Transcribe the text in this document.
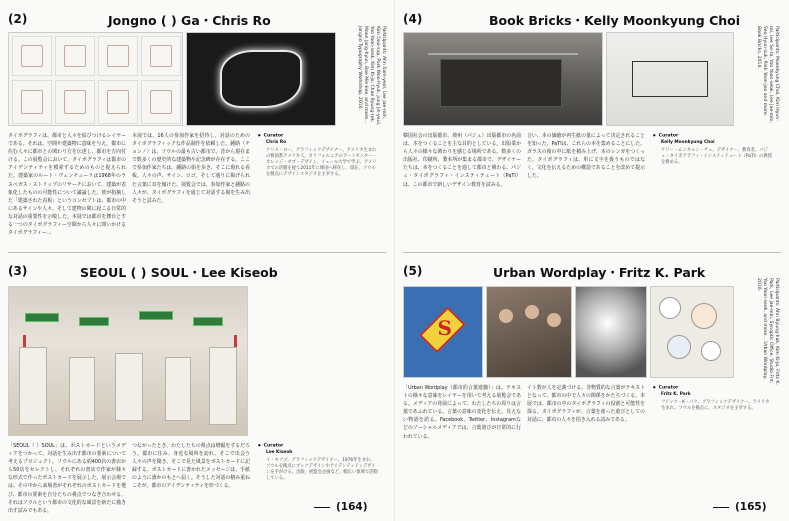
(2)	Jongno ( ) Ga・Chris Ro
Participants: Ahn Sam-yeol, Lee Jae-min, Kim Doo-sup, Park Woo-hyuk, Jung Jin-youl, Yoo Yoon-seok, Kim Ki-jo, Chae Byung-rok, Moon Jang-hyun, Bae Min-kee, and more… Jongno Typography Workshop, 2016.
タイポグラフィは、都市と人々を結びつけるレイヤーである。それは、空間や建築物に意味を与え、都市に住む人々に都市との関わり方を伝達し、都市を方向付ける。この展覧会において、タイポグラフィは都市のアイデンティティを模索するためのものと捉えられた。建築家のルート・ヴェンチューリは1968年のラスベガス・ストリップのリサーチにおいて、建築が表象化したものの可能性について議論した。彼が指摘した「建築された看板」というコンセプトは、都市の中にあるサインや人々、そして建物の間に起こる日常的な対話の重要性を示唆した。本展では都市を舞台とする一つのタイポグラフィー空間から人々に問いかけるタイポグラフィー…
本展では、16人の参加作家を招待し、対話のためのタイポグラフィックな作品制作を依頼した。鍾路（チョンノ）は、ソウルの最も古い都市で、昔から現在まで数多くの歴史的な建築物や記念碑が存在する。ここで参加作家たちは、鍾路の街を歩き、そこに現れる看板、人々の声、サイン、ロゴ、そして通りに掲げられた言葉に耳を傾けた。展覧会では、参加作家と鍾路の人々が、タイポグラフィを通じて対話する場を生み出そうと試みた。
● Curator
Chris Ro
クリス・ロー。グラフィックデザイナー。アメリカ生まれの韓国系アメリカ人。カリフォルニアのアートセンター・カレッジ・オブ・デザイン、イェール大学で学ぶ。アメリカでの活動を経て2011年に韓国へ移住し、現在、ソウルを拠点にデザインスタジオを主宰する。
(3)	SEOUL ( ) SOUL・Lee Kiseob
「SEOUL（ ）SOUL」は、ポストカードというメディアをつかって、対話を生み出す都市の要素について考えるプロジェクト。ソウルにある約400店の書店から50店をセレクトし、それぞれの書店で作家が様々な形式で作ったポストカードを展示した。展示会場では、その中から来場者がそれぞれのポストカードを選び、都市の要素を自分たちの視点でつなぎ合わせる。それはソウルという都市の文化的な風景を新たに描き出す試みでもある。
つながったとき、わたしたちの視点は増幅をするだろう。都市に住み、身近な場所を訪れ、そこで出会う人々の声を聞き、そこで見た風景をポストカードに記録する。ポストカードに書かれたメッセージは、手紙のように誰かのもとへ届く。そうした対話の積み重ねこそが、都市のアイデンティティを形づくる。
● Curator
Lee Kiseob
イ・キソプ。グラフィックデザイナー。1976年生まれ。ソウルを拠点にブックデザインやアイデンティティデザインを手がける。出版、展覧会企画など、幅広い領域で活動している。
(164)
(4)	Book Bricks・Kelly Moonkyung Choi
Participants: Moonkyung Choi, Kim Hyun-mi, Lee Se-ra, Yoo Yoon-seok, Lee Jae-min, Seo Hyun-suk, Park Yeon-joo and more. Book Bricks, 2016.
韓国社会の出版都市、坡州（パジュ）出版都市の名前は、本をつくることを主な目的としている。出版業から人々の様々な関わりを感じる場所である。数多くの出版社、印刷所、製本所が集まる都市で、デザイナーたちは、本をつくることを通して都市と関わる。パジュ・タイポグラフィ・インスティテュート（PaTI）は、この都市で新しいデザイン教育を試みる。
合い、本の価値が再生紙の量によって決定されることを知った。PaTIは、これらの本を集めることにした。ガラスの箱の中に紙を積み上げ、本のレンガをつくった。タイポグラフィは、単に文字を扱うものではなく、文化を伝えるための構造であることを改めて提示した。
● Curator
Kelly Moonkyung Choi
ケリー・ムンキョン・チェ。デザイナー、教育者。パジュ・タイポグラフィ・インスティテュート（PaTI）の教授を務める。
(5)	Urban Wordplay・Fritz K. Park
S	Participants: Ahn Byung-hak, Kim Ki-jo, Fritz K. Park, Lee Jae-min, Synoptic Office, Studio Fnt, Yoo Yoon-seok, and more… Urban Wordplay, 2016.
「Urban Wordplay（都市的言葉遊戯）」は、テキストの様々な意味をレイヤーを用いて考える展覧会である。メディアの発展によって、わたしたちの周りは言葉であふれている。言葉の意味の変化を伝え、見えない物語を語る。Facebook、Twitter、Instagramなどのソーシャルメディアでは、言葉遊びが日常的に行われている。
イト数が人を定義づける。非物質的な言葉がテキストとなって、都市の中で人々の関係をかたちづくる。本展では、都市の中のタイポグラフィの役割と可能性を探る。タイポグラフィが、言葉を使った遊びとしての対話に、都市の人々を招き入れる試みである。
● Curator
Fritz K. Park
フリッツ・K・パク。グラフィックデザイナー。アメリカ生まれ。ソウルを拠点に、スタジオを主宰する。
(165)
